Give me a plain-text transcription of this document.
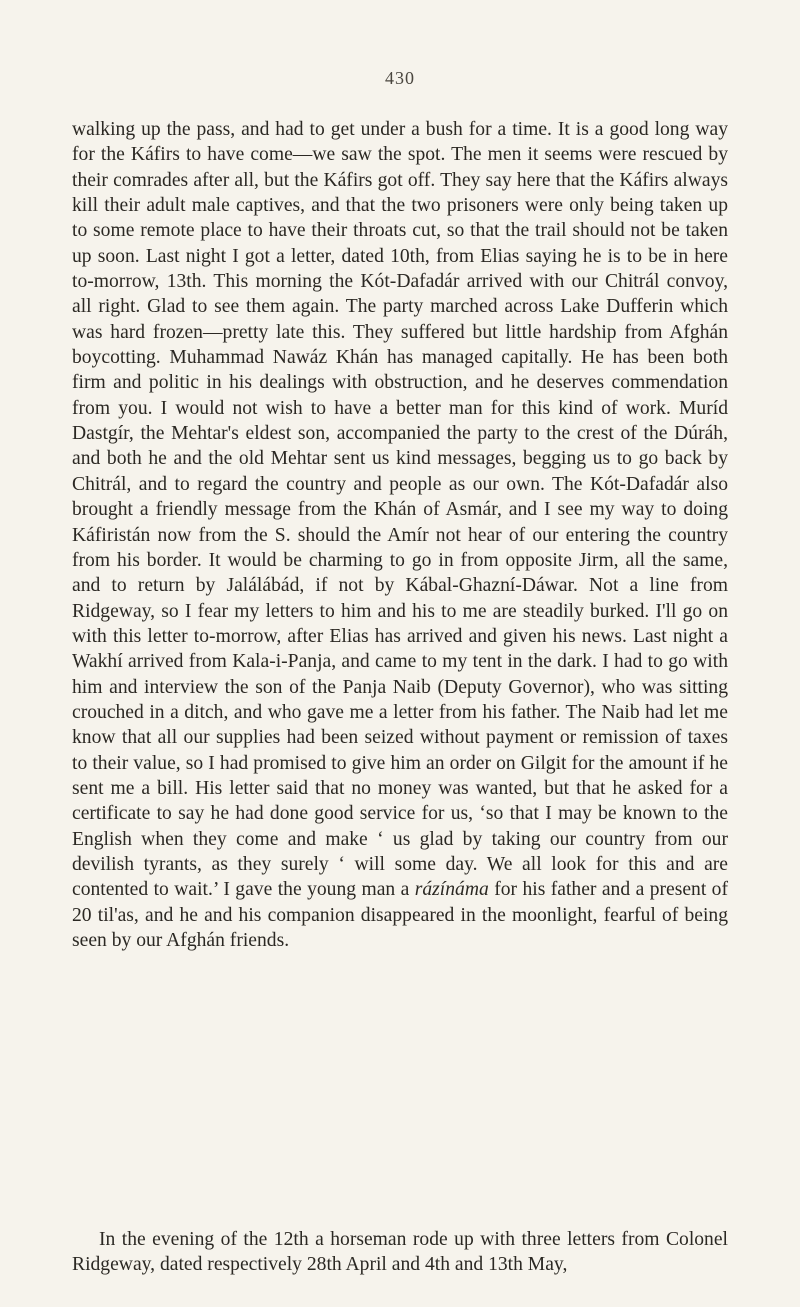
430

walking up the pass, and had to get under a bush for a time. It is a good long way for the Káfirs to have come—we saw the spot. The men it seems were rescued by their comrades after all, but the Káfirs got off. They say here that the Káfirs always kill their adult male captives, and that the two prisoners were only being taken up to some remote place to have their throats cut, so that the trail should not be taken up soon. Last night I got a letter, dated 10th, from Elias saying he is to be in here to-morrow, 13th. This morning the Kót-Dafadár arrived with our Chitrál convoy, all right. Glad to see them again. The party marched across Lake Dufferin which was hard frozen—pretty late this. They suffered but little hardship from Afghán boycotting. Muhammad Nawáz Khán has managed capitally. He has been both firm and politic in his dealings with obstruction, and he deserves commendation from you. I would not wish to have a better man for this kind of work. Muríd Dastgír, the Mehtar's eldest son, accompanied the party to the crest of the Dúráh, and both he and the old Mehtar sent us kind messages, begging us to go back by Chitrál, and to regard the country and people as our own. The Kót-Dafadár also brought a friendly message from the Khán of Asmár, and I see my way to doing Káfiristán now from the S. should the Amír not hear of our entering the country from his border. It would be charming to go in from opposite Jirm, all the same, and to return by Jalálábád, if not by Kábal-Ghazní-Dáwar. Not a line from Ridgeway, so I fear my letters to him and his to me are steadily burked. I'll go on with this letter to-morrow, after Elias has arrived and given his news. Last night a Wakhí arrived from Kala-i-Panja, and came to my tent in the dark. I had to go with him and interview the son of the Panja Naib (Deputy Governor), who was sitting crouched in a ditch, and who gave me a letter from his father. The Naib had let me know that all our supplies had been seized without payment or remission of taxes to their value, so I had promised to give him an order on Gilgit for the amount if he sent me a bill. His letter said that no money was wanted, but that he asked for a certificate to say he had done good service for us, ‘so that I may be known to the English when they come and make ‘ us glad by taking our country from our devilish tyrants, as they surely ‘ will some day. We all look for this and are contented to wait.’ I gave the young man a rázínáma for his father and a present of 20 til'as, and he and his companion disappeared in the moonlight, fearful of being seen by our Afghán friends.

In the evening of the 12th a horseman rode up with three letters from Colonel Ridgeway, dated respectively 28th April and 4th and 13th May,
